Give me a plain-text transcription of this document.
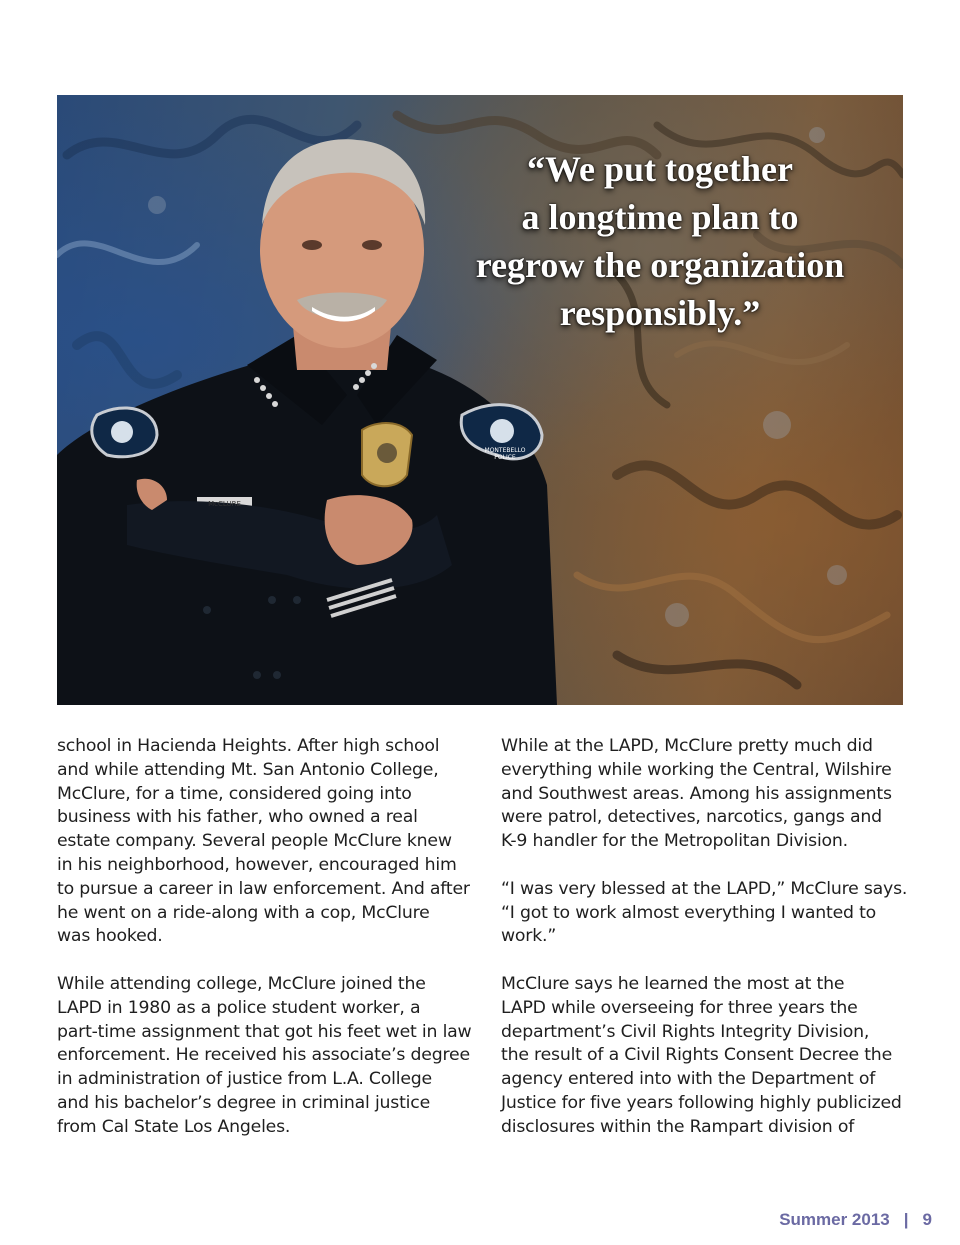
“We put together
a longtime plan to
regrow the organization
responsibly.”
McCLURE
MONTEBELLO
POLICE
school in Hacienda Heights. After high school
and while attending Mt. San Antonio College,
McClure, for a time, considered going into
business with his father, who owned a real
estate company. Several people McClure knew
in his neighborhood, however, encouraged him
to pursue a career in law enforcement. And after
he went on a ride-along with a cop, McClure
was hooked.
While attending college, McClure joined the
LAPD in 1980 as a police student worker, a
part-time assignment that got his feet wet in law
enforcement. He received his associate’s degree
in administration of justice from L.A. College
and his bachelor’s degree in criminal justice
from Cal State Los Angeles.
While at the LAPD, McClure pretty much did
everything while working the Central, Wilshire
and Southwest areas. Among his assignments
were patrol, detectives, narcotics, gangs and
K-9 handler for the Metropolitan Division.
“I was very blessed at the LAPD,” McClure says.
“I got to work almost everything I wanted to
work.”
McClure says he learned the most at the
LAPD while overseeing for three years the
department’s Civil Rights Integrity Division,
the result of a Civil Rights Consent Decree the
agency entered into with the Department of
Justice for five years following highly publicized
disclosures within the Rampart division of
Summer 2013 | 9
